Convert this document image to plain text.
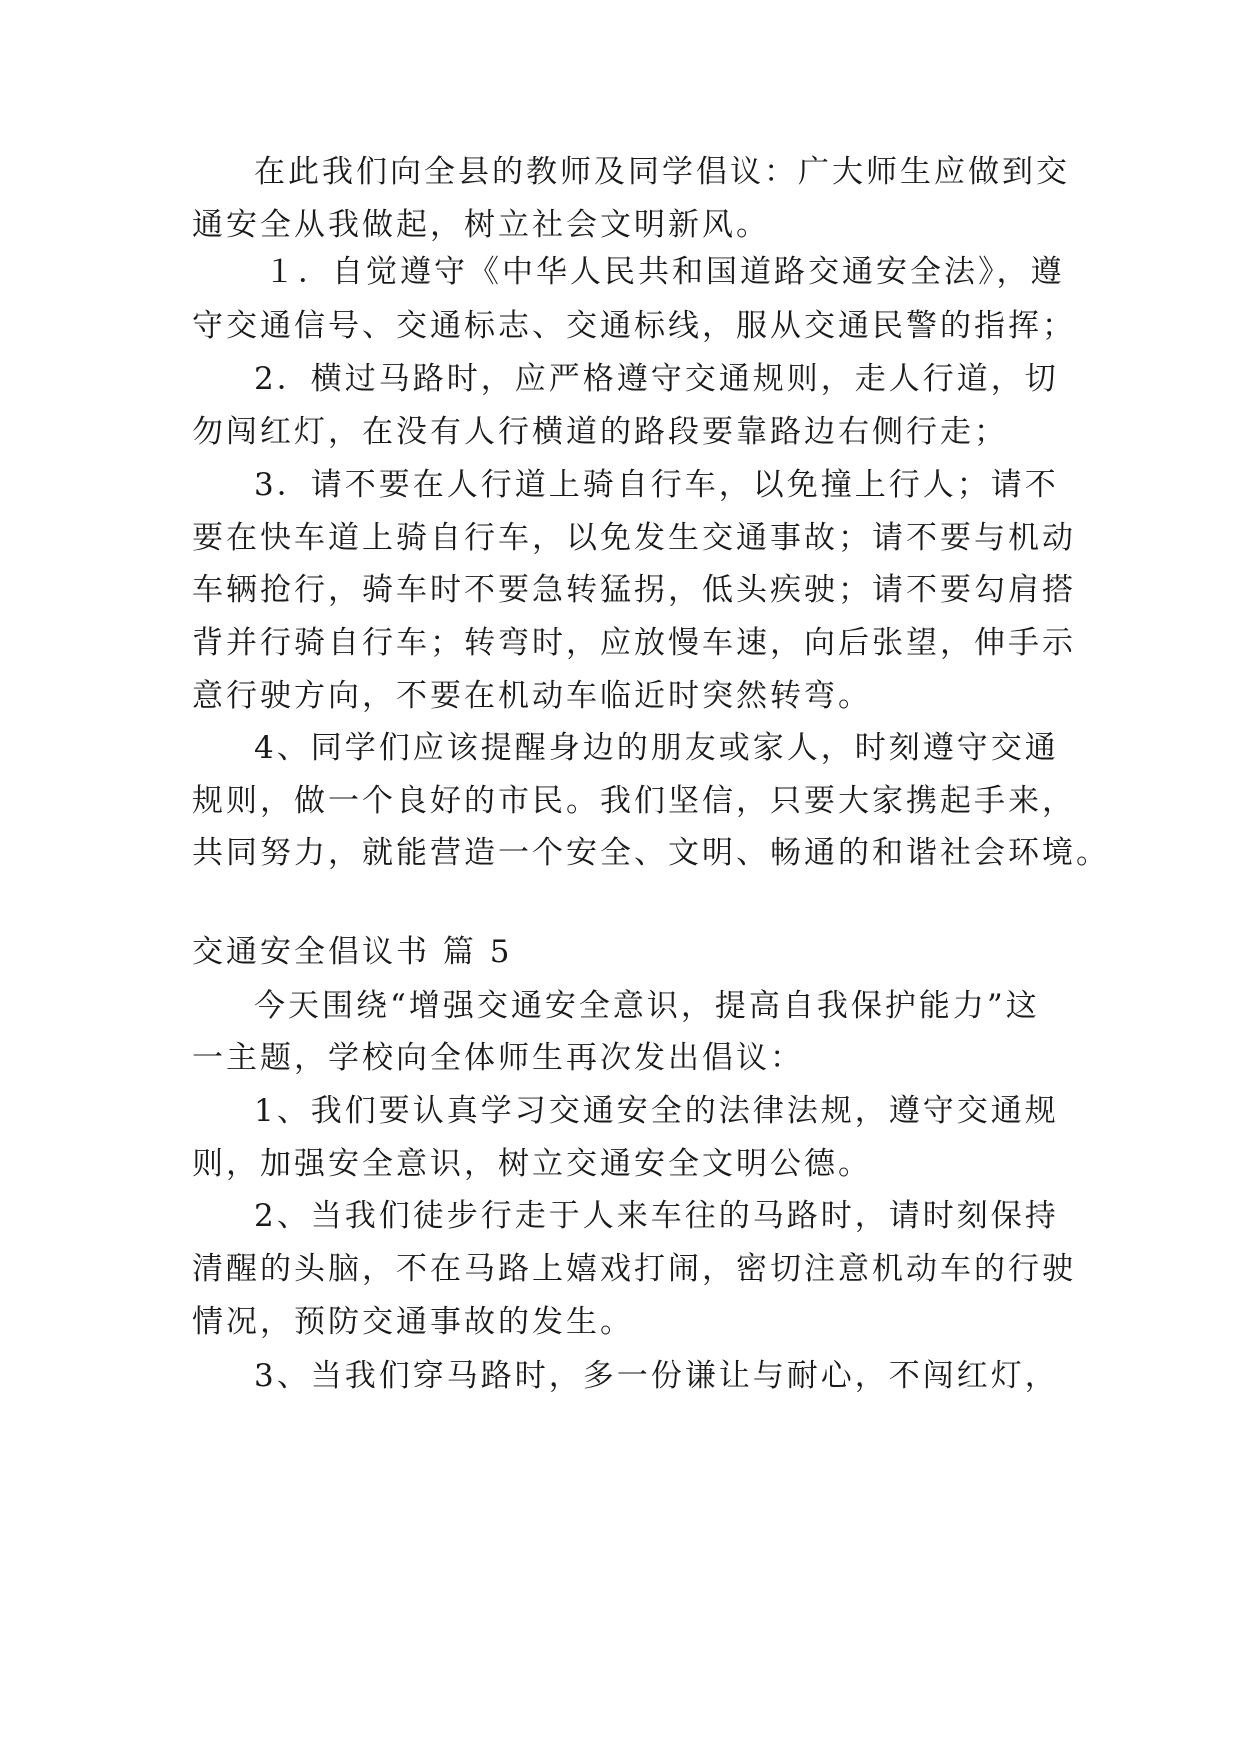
在此我们向全县的教师及同学倡议：广大师生应做到交
通安全从我做起，树立社会文明新风。
１．自觉遵守《中华人民共和国道路交通安全法》，遵
守交通信号、交通标志、交通标线，服从交通民警的指挥；
2．横过马路时，应严格遵守交通规则，走人行道，切
勿闯红灯，在没有人行横道的路段要靠路边右侧行走；
3．请不要在人行道上骑自行车，以免撞上行人；请不
要在快车道上骑自行车，以免发生交通事故；请不要与机动
车辆抢行，骑车时不要急转猛拐，低头疾驶；请不要勾肩搭
背并行骑自行车；转弯时，应放慢车速，向后张望，伸手示
意行驶方向，不要在机动车临近时突然转弯。
4、同学们应该提醒身边的朋友或家人，时刻遵守交通
规则，做一个良好的市民。我们坚信，只要大家携起手来，
共同努力，就能营造一个安全、文明、畅通的和谐社会环境。
交通安全倡议书 篇 5
今天围绕“增强交通安全意识，提高自我保护能力”这
一主题，学校向全体师生再次发出倡议：
1、我们要认真学习交通安全的法律法规，遵守交通规
则，加强安全意识，树立交通安全文明公德。
2、当我们徒步行走于人来车往的马路时，请时刻保持
清醒的头脑，不在马路上嬉戏打闹，密切注意机动车的行驶
情况，预防交通事故的发生。
3、当我们穿马路时，多一份谦让与耐心，不闯红灯，
